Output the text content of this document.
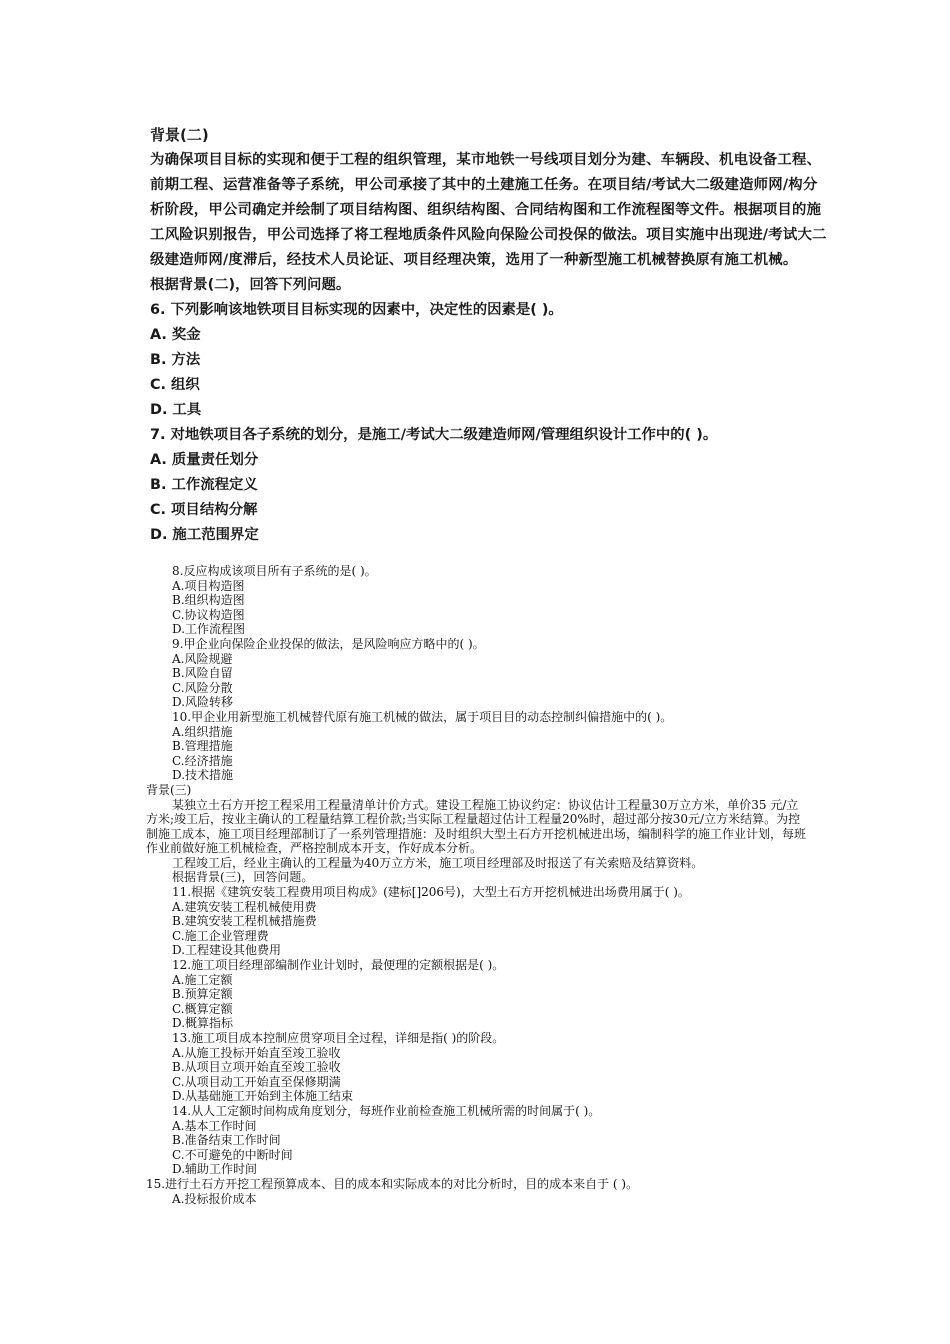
背景(二)
为确保项目目标的实现和便于工程的组织管理，某市地铁一号线项目划分为建、车辆段、机电设备工程、前期工程、运营准备等子系统，甲公司承接了其中的土建施工任务。在项目结/考试大二级建造师网/构分析阶段，甲公司确定并绘制了项目结构图、组织结构图、合同结构图和工作流程图等文件。根据项目的施工风险识别报告，甲公司选择了将工程地质条件风险向保险公司投保的做法。项目实施中出现进/考试大二级建造师网/度滞后，经技术人员论证、项目经理决策，选用了一种新型施工机械替换原有施工机械。
根据背景(二)，回答下列问题。
6. 下列影响该地铁项目目标实现的因素中，决定性的因素是( )。
A. 奖金
B. 方法
C. 组织
D. 工具
7. 对地铁项目各子系统的划分，是施工/考试大二级建造师网/管理组织设计工作中的( )。
A. 质量责任划分
B. 工作流程定义
C. 项目结构分解
D. 施工范围界定
8.反应构成该项目所有子系统的是( )。
A.项目构造图
B.组织构造图
C.协议构造图
D.工作流程图
9.甲企业向保险企业投保的做法，是风险响应方略中的( )。
A.风险规避
B.风险自留
C.风险分散
D.风险转移
10.甲企业用新型施工机械替代原有施工机械的做法，属于项目目的动态控制纠偏措施中的( )。
A.组织措施
B.管理措施
C.经济措施
D.技术措施
背景(三)
某独立土石方开挖工程采用工程量清单计价方式。建设工程施工协议约定：协议估计工程量30万立方米，单价35 元/立方米;竣工后，按业主确认的工程量结算工程价款;当实际工程量超过估计工程量20%时，超过部分按30元/立方米结算。为控制施工成本，施工项目经理部制订了一系列管理措施：及时组织大型土石方开挖机械进出场，编制科学的施工作业计划，每班作业前做好施工机械检查，严格控制成本开支，作好成本分析。
工程竣工后，经业主确认的工程量为40万立方米，施工项目经理部及时报送了有关索赔及结算资料。
根据背景(三)，回答问题。
11.根据《建筑安装工程费用项目构成》(建标[]206号)，大型土石方开挖机械进出场费用属于( )。
A.建筑安装工程机械使用费
B.建筑安装工程机械措施费
C.施工企业管理费
D.工程建设其他费用
12.施工项目经理部编制作业计划时，最便理的定额根据是( )。
A.施工定额
B.预算定额
C.概算定额
D.概算指标
13.施工项目成本控制应贯穿项目全过程，详细是指( )的阶段。
A.从施工投标开始直至竣工验收
B.从项目立项开始直至竣工验收
C.从项目动工开始直至保修期满
D.从基础施工开始到主体施工结束
14.从人工定额时间构成角度划分，每班作业前检查施工机械所需的时间属于( )。
A.基本工作时间
B.准备结束工作时间
C.不可避免的中断时间
D.辅助工作时间
15.进行土石方开挖工程预算成本、目的成本和实际成本的对比分析时，目的成本来自于 ( )。
A.投标报价成本
